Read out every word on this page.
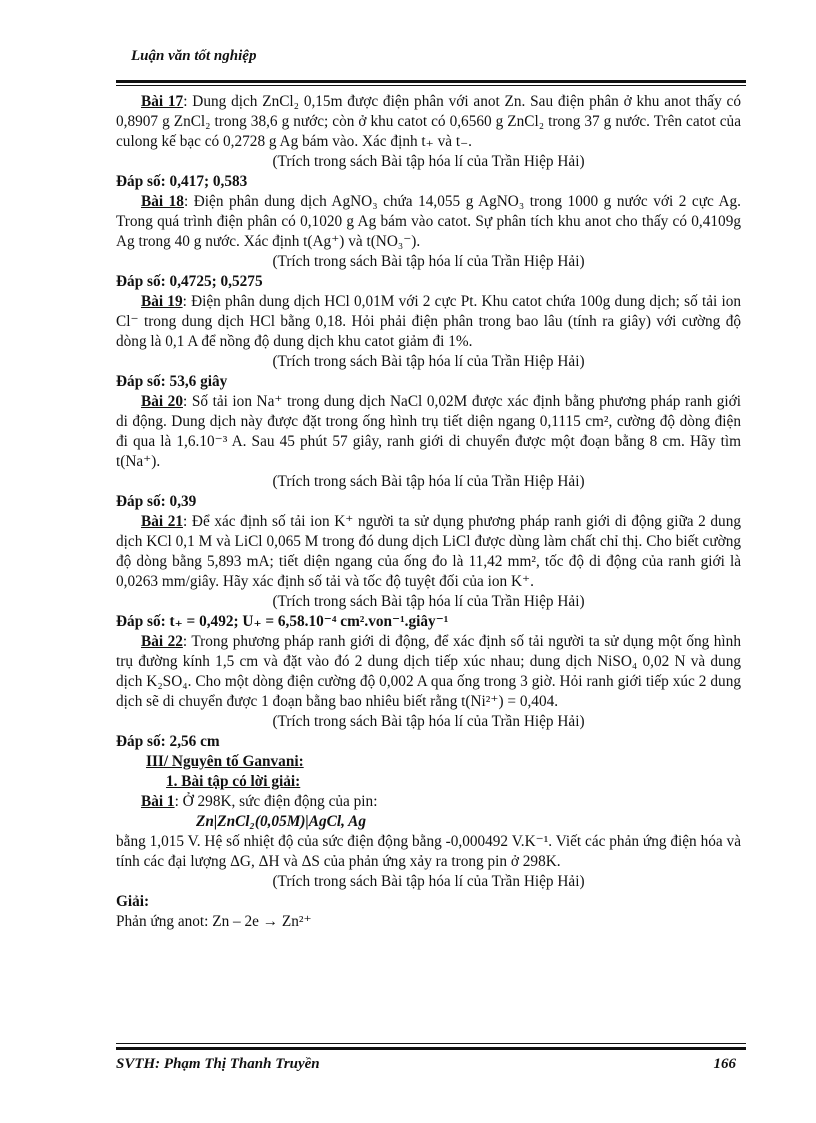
Luận văn tốt nghiệp

Bài 17: Dung dịch ZnCl₂ 0,15m được điện phân với anot Zn. Sau điện phân ở khu anot thấy có 0,8907 g ZnCl₂ trong 38,6 g nước; còn ở khu catot có 0,6560 g ZnCl₂ trong 37 g nước. Trên catot của culong kế bạc có 0,2728 g Ag bám vào. Xác định t₊ và t₋.

(Trích trong sách Bài tập hóa lí của Trần Hiệp Hải)

Đáp số: 0,417; 0,583

Bài 18: Điện phân dung dịch AgNO₃ chứa 14,055 g AgNO₃ trong 1000 g nước với 2 cực Ag. Trong quá trình điện phân có 0,1020 g Ag bám vào catot. Sự phân tích khu anot cho thấy có 0,4109g Ag trong 40 g nước. Xác định t(Ag⁺) và t(NO₃⁻).

(Trích trong sách Bài tập hóa lí của Trần Hiệp Hải)

Đáp số: 0,4725; 0,5275

Bài 19: Điện phân dung dịch HCl 0,01M với 2 cực Pt. Khu catot chứa 100g dung dịch; số tải ion Cl⁻ trong dung dịch HCl bằng 0,18. Hỏi phải điện phân trong bao lâu (tính ra giây) với cường độ dòng là 0,1 A để nồng độ dung dịch khu catot giảm đi 1%.

(Trích trong sách Bài tập hóa lí của Trần Hiệp Hải)

Đáp số: 53,6 giây

Bài 20: Số tải ion Na⁺ trong dung dịch NaCl 0,02M được xác định bằng phương pháp ranh giới di động. Dung dịch này được đặt trong ống hình trụ tiết diện ngang 0,1115 cm², cường độ dòng điện đi qua là 1,6.10⁻³ A. Sau 45 phút 57 giây, ranh giới di chuyển được một đoạn bằng 8 cm. Hãy tìm t(Na⁺).

(Trích trong sách Bài tập hóa lí của Trần Hiệp Hải)

Đáp số: 0,39

Bài 21: Để xác định số tải ion K⁺ người ta sử dụng phương pháp ranh giới di động giữa 2 dung dịch KCl 0,1 M và LiCl 0,065 M trong đó dung dịch LiCl được dùng làm chất chỉ thị. Cho biết cường độ dòng bằng 5,893 mA; tiết diện ngang của ống đo là 11,42 mm², tốc độ di động của ranh giới là 0,0263 mm/giây. Hãy xác định số tải và tốc độ tuyệt đối của ion K⁺.

(Trích trong sách Bài tập hóa lí của Trần Hiệp Hải)

Đáp số: t₊ = 0,492; U₊ = 6,58.10⁻⁴ cm².von⁻¹.giây⁻¹

Bài 22: Trong phương pháp ranh giới di động, để xác định số tải người ta sử dụng một ống hình trụ đường kính 1,5 cm và đặt vào đó 2 dung dịch tiếp xúc nhau; dung dịch NiSO₄ 0,02 N và dung dịch K₂SO₄. Cho một dòng điện cường độ 0,002 A qua ống trong 3 giờ. Hỏi ranh giới tiếp xúc 2 dung dịch sẽ di chuyển được 1 đoạn bằng bao nhiêu biết rằng t(Ni²⁺) = 0,404.

(Trích trong sách Bài tập hóa lí của Trần Hiệp Hải)

Đáp số: 2,56 cm

III/ Nguyên tố Ganvani:

1. Bài tập có lời giải:

Bài 1: Ở 298K, sức điện động của pin:

Zn|ZnCl₂(0,05M)|AgCl, Ag

bằng 1,015 V. Hệ số nhiệt độ của sức điện động bằng -0,000492 V.K⁻¹. Viết các phản ứng điện hóa và tính các đại lượng ΔG, ΔH và ΔS của phản ứng xảy ra trong pin ở 298K.

(Trích trong sách Bài tập hóa lí của Trần Hiệp Hải)

Giải:

Phản ứng anot: Zn – 2e → Zn²⁺

SVTH: Phạm Thị Thanh Truyền	166
